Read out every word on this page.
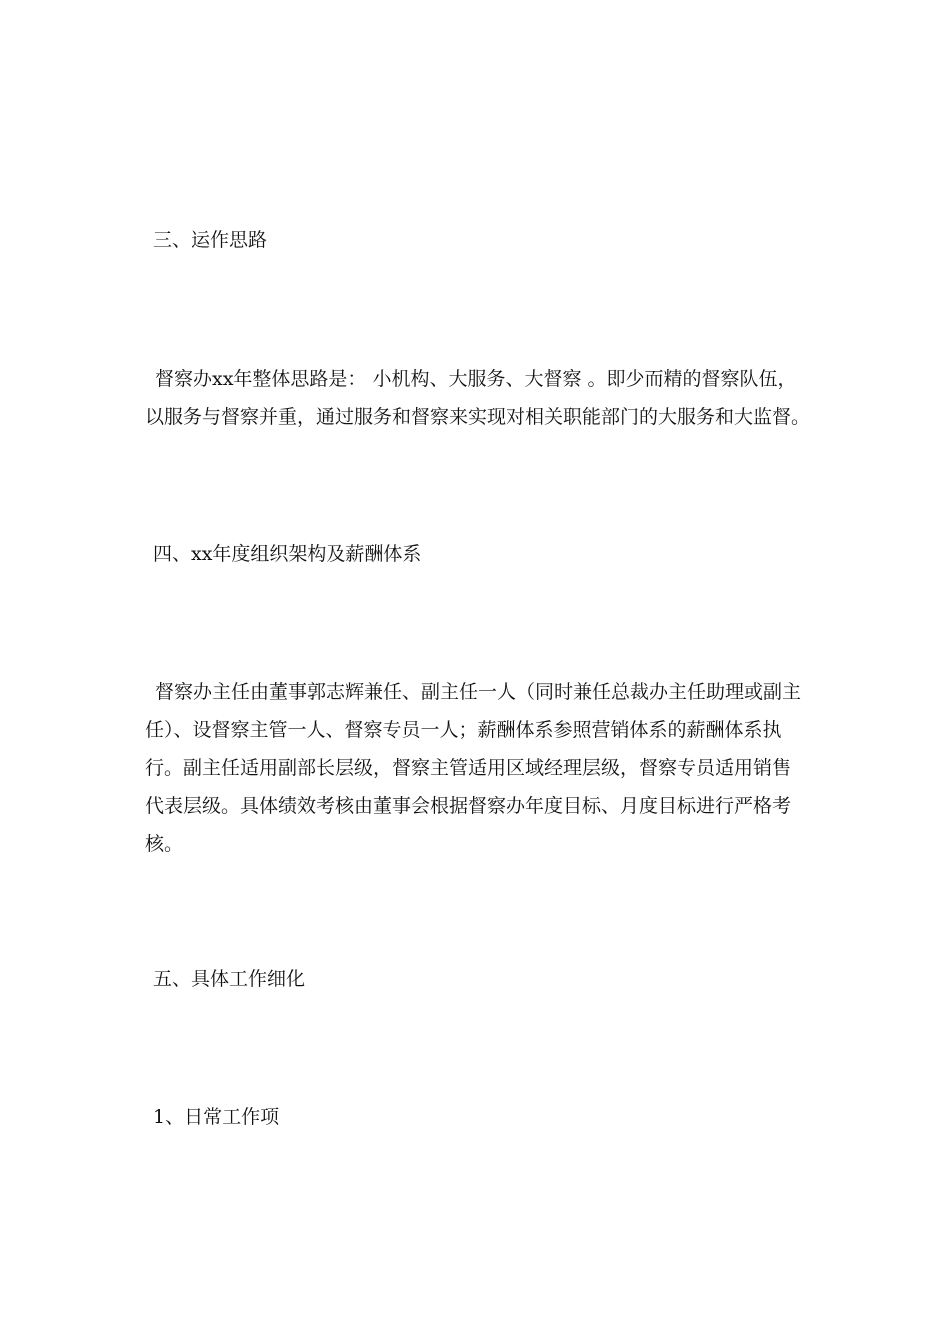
三、运作思路
督察办xx年整体思路是： 小机构、大服务、大督察 。即少而精的督察队伍，
以服务与督察并重，通过服务和督察来实现对相关职能部门的大服务和大监督。
四、xx年度组织架构及薪酬体系
督察办主任由董事郭志辉兼任、副主任一人（同时兼任总裁办主任助理或副主
任）、设督察主管一人、督察专员一人；薪酬体系参照营销体系的薪酬体系执
行。副主任适用副部长层级，督察主管适用区域经理层级，督察专员适用销售
代表层级。具体绩效考核由董事会根据督察办年度目标、月度目标进行严格考
核。
五、具体工作细化
1、日常工作项
